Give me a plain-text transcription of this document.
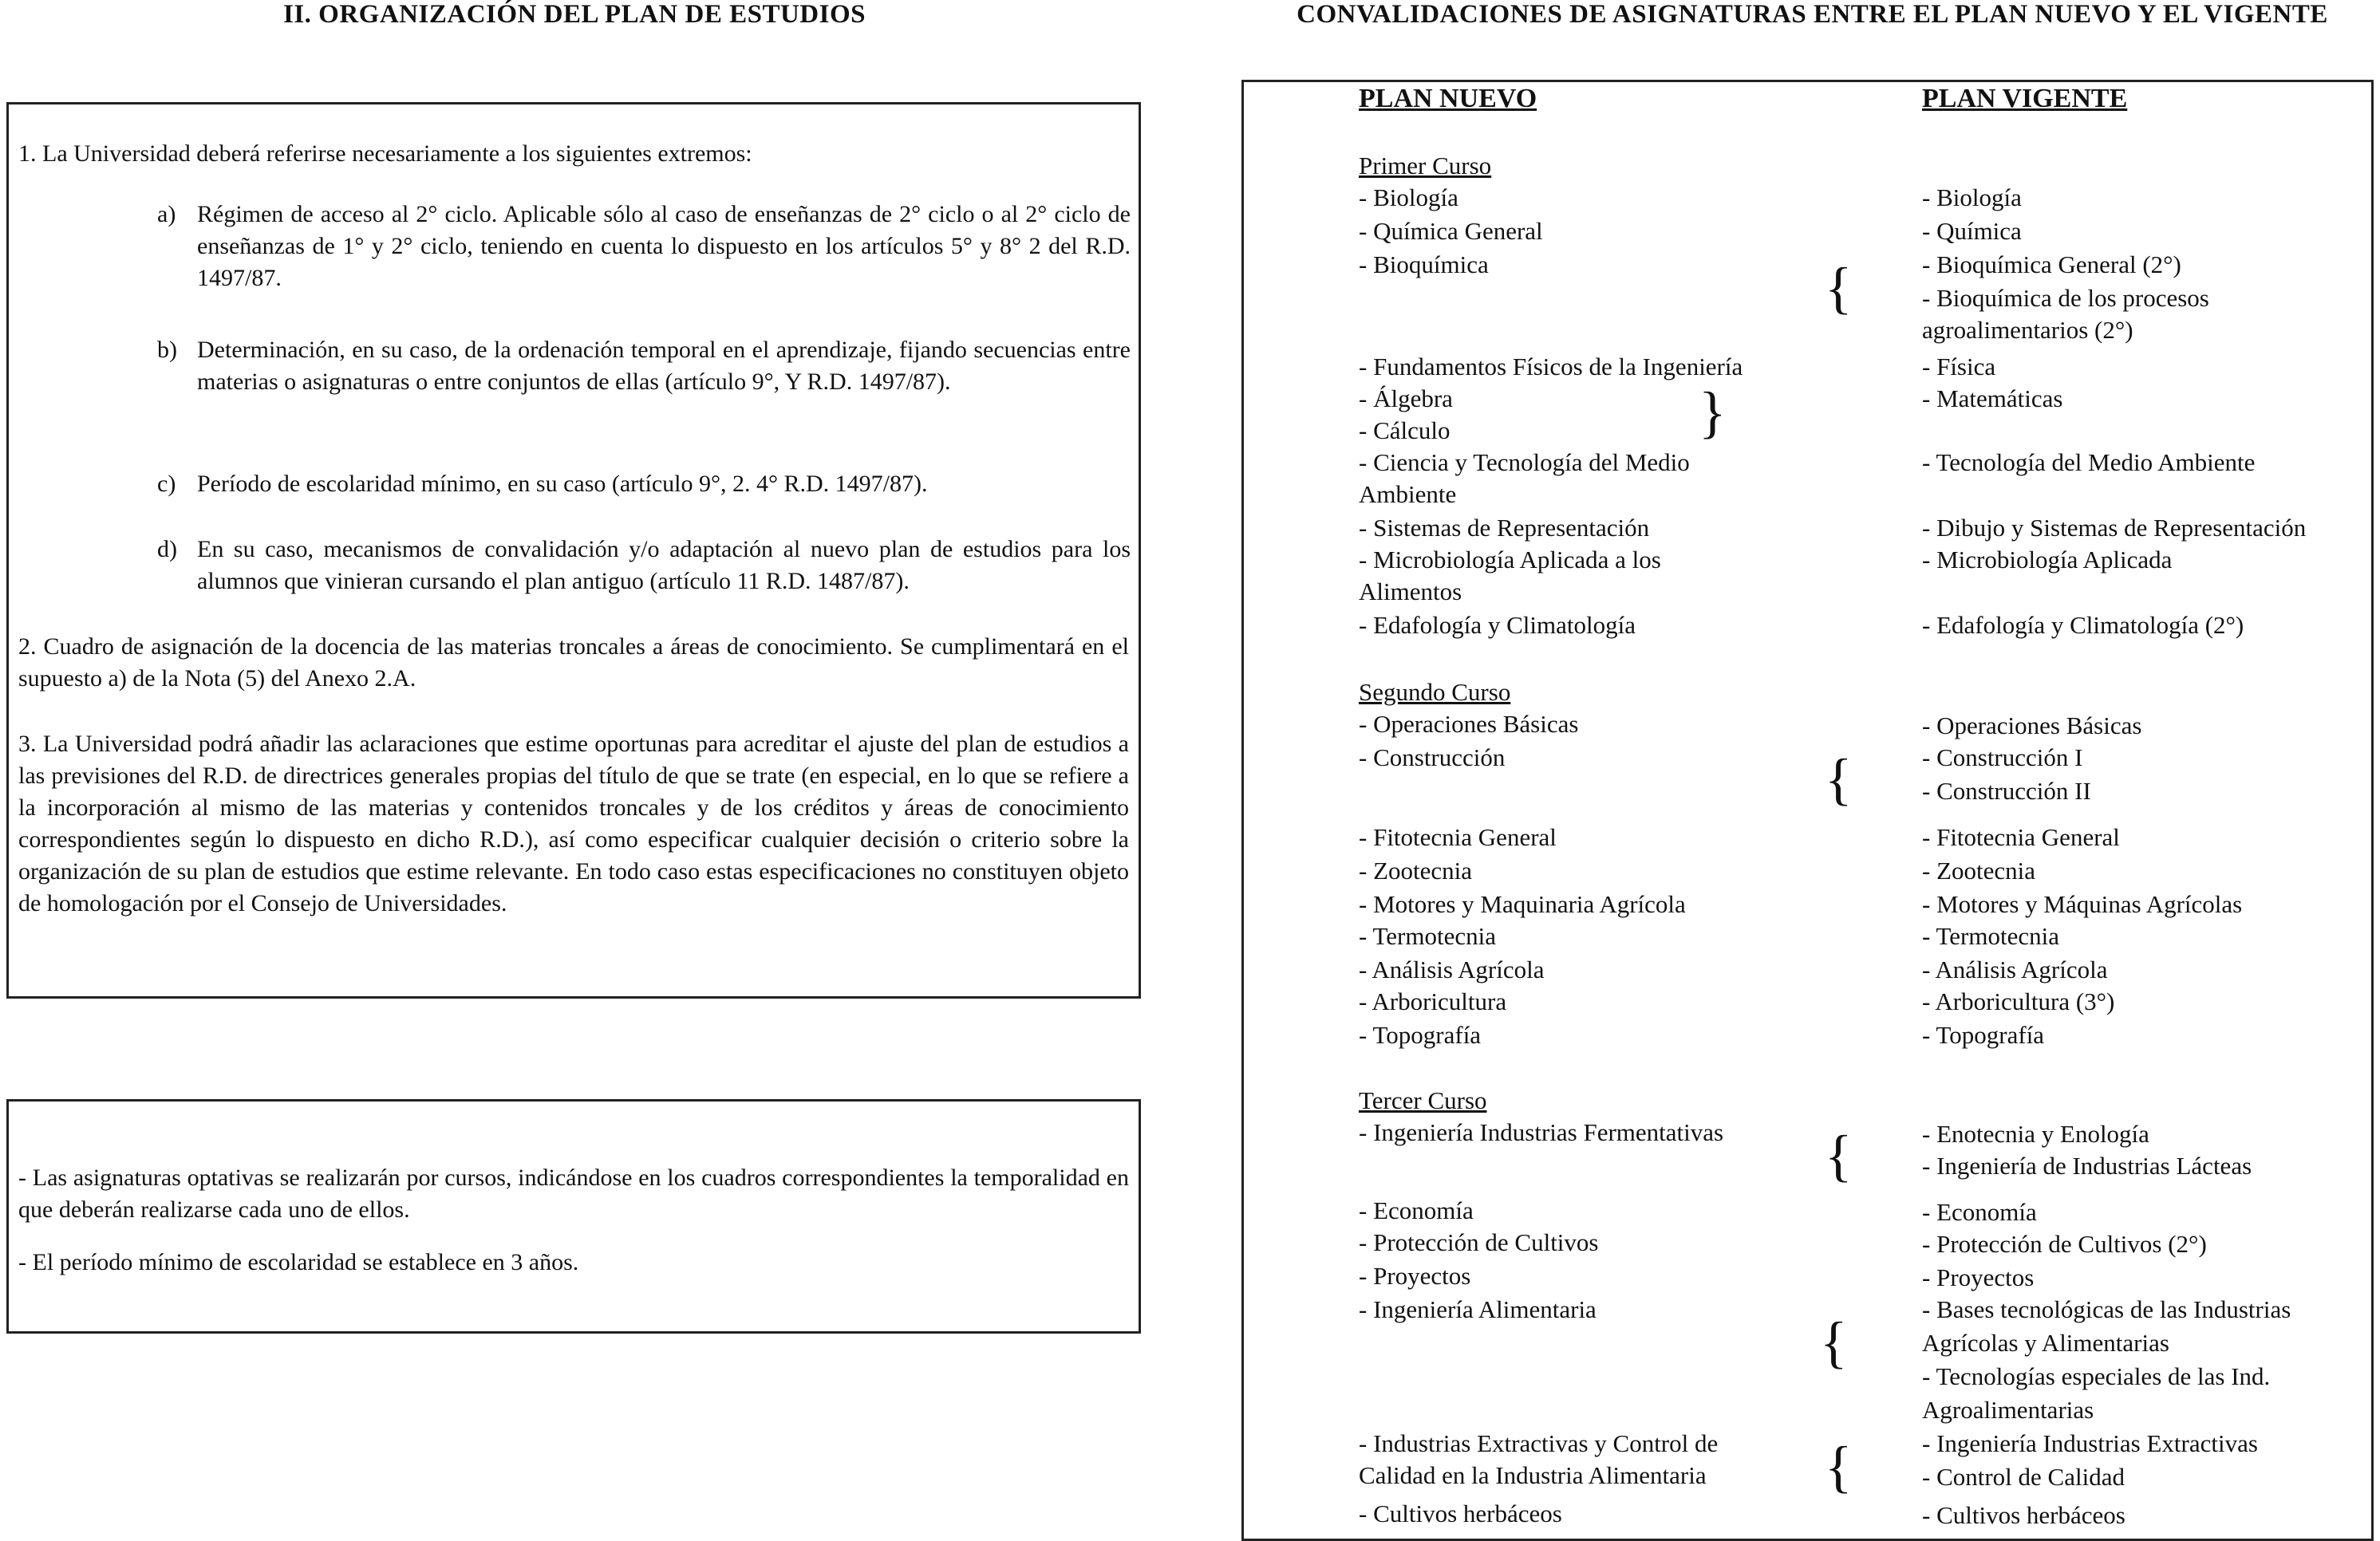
II. ORGANIZACIÓN DEL PLAN DE ESTUDIOS	CONVALIDACIONES DE ASIGNATURAS ENTRE EL PLAN NUEVO Y EL VIGENTE
1. La Universidad deberá referirse necesariamente a los siguientes extremos:
a) Régimen de acceso al 2° ciclo. Aplicable sólo al caso de enseñanzas de 2° ciclo o al 2° ciclo de enseñanzas de 1° y 2° ciclo, teniendo en cuenta lo dispuesto en los artículos 5° y 8° 2 del R.D. 1497/87.
b) Determinación, en su caso, de la ordenación temporal en el aprendizaje, fijando secuencias entre materias o asignaturas o entre conjuntos de ellas (artículo 9°, Y R.D. 1497/87).
c) Período de escolaridad mínimo, en su caso (artículo 9°, 2. 4° R.D. 1497/87).
d) En su caso, mecanismos de convalidación y/o adaptación al nuevo plan de estudios para los alumnos que vinieran cursando el plan antiguo (artículo 11 R.D. 1487/87).
2. Cuadro de asignación de la docencia de las materias troncales a áreas de conocimiento. Se cumplimentará en el supuesto a) de la Nota (5) del Anexo 2.A.
3. La Universidad podrá añadir las aclaraciones que estime oportunas para acreditar el ajuste del plan de estudios a las previsiones del R.D. de directrices generales propias del título de que se trate (en especial, en lo que se refiere a la incorporación al mismo de las materias y contenidos troncales y de los créditos y áreas de conocimiento correspondientes según lo dispuesto en dicho R.D.), así como especificar cualquier decisión o criterio sobre la organización de su plan de estudios que estime relevante. En todo caso estas especificaciones no constituyen objeto de homologación por el Consejo de Universidades.
- Las asignaturas optativas se realizarán por cursos, indicándose en los cuadros correspondientes la temporalidad en que deberán realizarse cada uno de ellos.
- El período mínimo de escolaridad se establece en 3 años.
PLAN NUEVO	PLAN VIGENTE
Primer Curso
- Biología
- Química General
- Bioquímica
- Fundamentos Físicos de la Ingeniería
- Álgebra
- Cálculo
- Ciencia y Tecnología del Medio
Ambiente
- Sistemas de Representación
- Microbiología Aplicada a los
Alimentos
- Edafología y Climatología
Segundo Curso
- Operaciones Básicas
- Construcción
- Fitotecnia General
- Zootecnia
- Motores y Maquinaria Agrícola
- Termotecnia
- Análisis Agrícola
- Arboricultura
- Topografía
Tercer Curso
- Ingeniería Industrias Fermentativas
- Economía
- Protección de Cultivos
- Proyectos
- Ingeniería Alimentaria
- Industrias Extractivas y Control de
Calidad en la Industria Alimentaria
- Cultivos herbáceos
{
}
{
{
{
{
- Biología
- Química
- Bioquímica General (2°)
- Bioquímica de los procesos
agroalimentarios (2°)
- Física
- Matemáticas
- Tecnología del Medio Ambiente
- Dibujo y Sistemas de Representación
- Microbiología Aplicada
- Edafología y Climatología (2°)
- Operaciones Básicas
- Construcción I
- Construcción II
- Fitotecnia General
- Zootecnia
- Motores y Máquinas Agrícolas
- Termotecnia
- Análisis Agrícola
- Arboricultura (3°)
- Topografía
- Enotecnia y Enología
- Ingeniería de Industrias Lácteas
- Economía
- Protección de Cultivos (2°)
- Proyectos
- Bases tecnológicas de las Industrias
Agrícolas y Alimentarias
- Tecnologías especiales de las Ind.
Agroalimentarias
- Ingeniería Industrias Extractivas
- Control de Calidad
- Cultivos herbáceos
